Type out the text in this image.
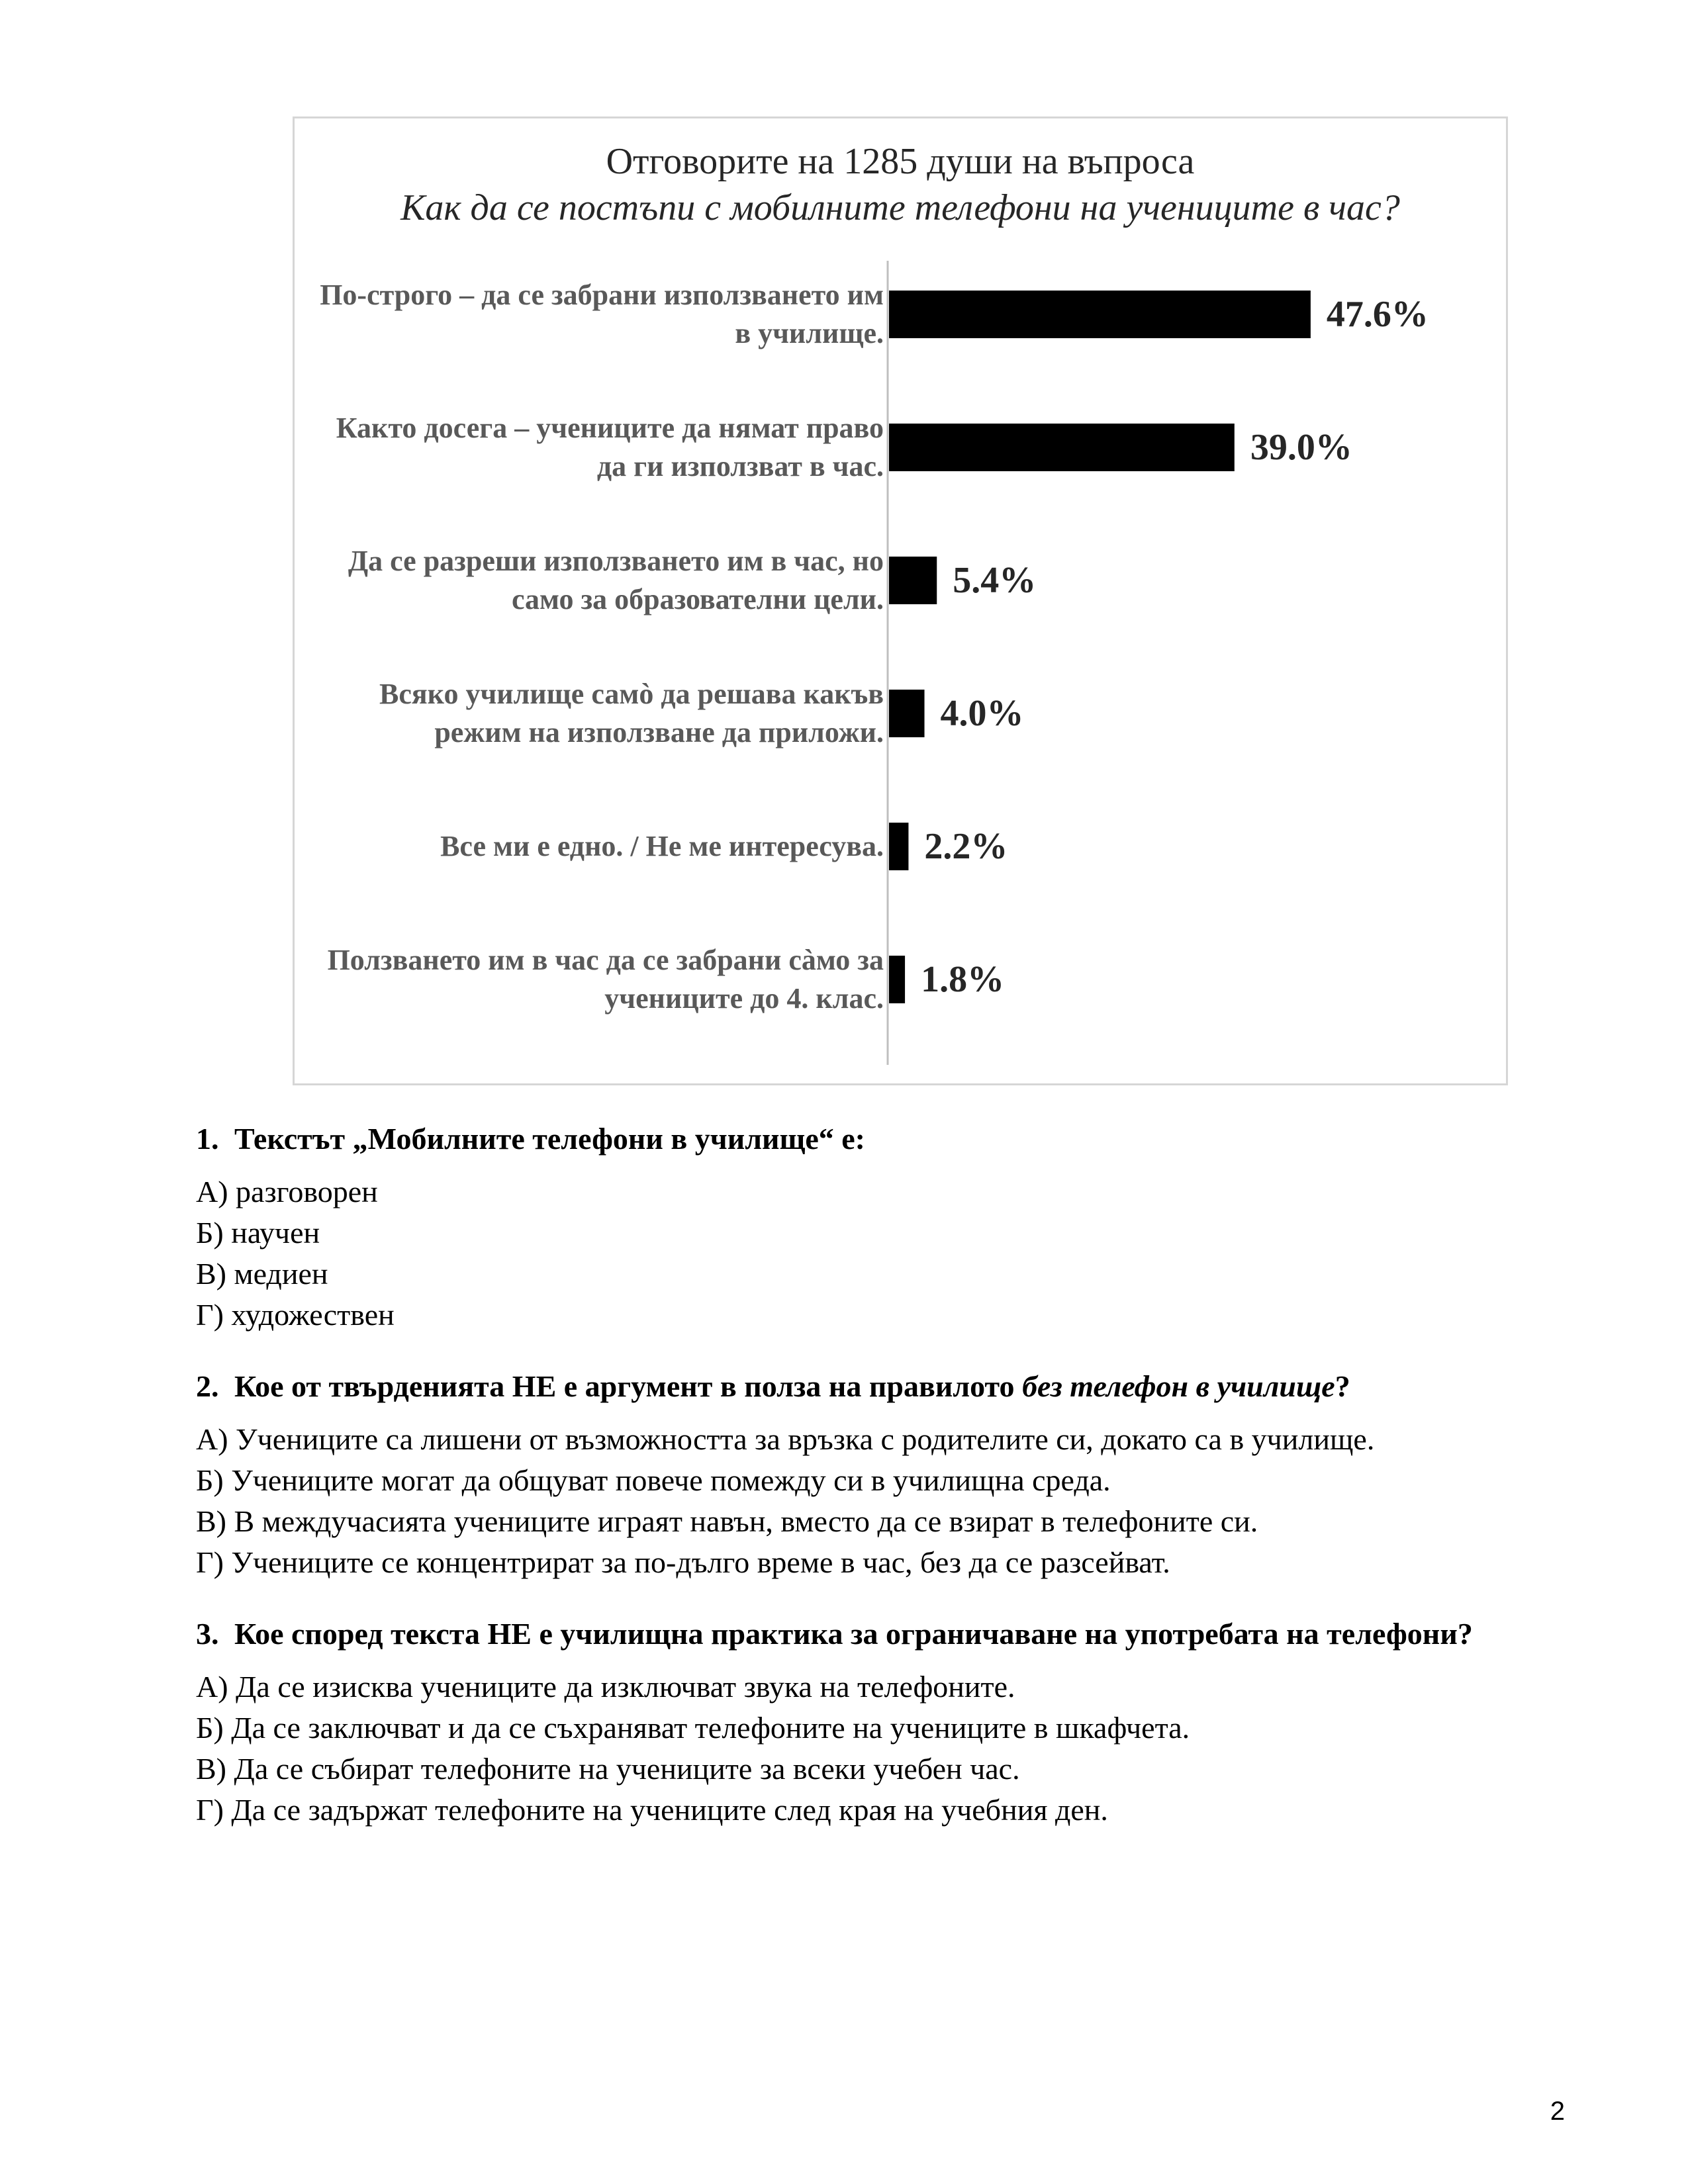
Отговорите на 1285 души на въпроса
Как да се постъпи с мобилните телефони на учениците в час?
47.6%
По-строго – да се забрани използването им в училище.
39.0%
Както досега – учениците да нямат право да ги използват в час.
5.4%
Да се разреши използването им в час, но само за образователни цели.
4.0%
Всяко училище самò да решава какъв режим на използване да приложи.
2.2%
Все ми е едно. / Не ме интересува.
1.8%
Ползването им в час да се забрани сàмо за учениците до 4. клас.
1. Текстът „Мобилните телефони в училище“ е:
А) разговорен
Б) научен
В) медиен
Г) художествен
2. Кое от твърденията НЕ е аргумент в полза на правилото без телефон в училище?
А) Учениците са лишени от възможността за връзка с родителите си, докато са в училище.
Б) Учениците могат да общуват повече помежду си в училищна среда.
В) В междучасията учениците играят навън, вместо да се взират в телефоните си.
Г) Учениците се концентрират за по-дълго време в час, без да се разсейват.
3. Кое според текста НЕ е училищна практика за ограничаване на употребата на телефони?
А) Да се изисква учениците да изключват звука на телефоните.
Б) Да се заключват и да се съхраняват телефоните на учениците в шкафчета.
В) Да се събират телефоните на учениците за всеки учебен час.
Г) Да се задържат телефоните на учениците след края на учебния ден.
2
